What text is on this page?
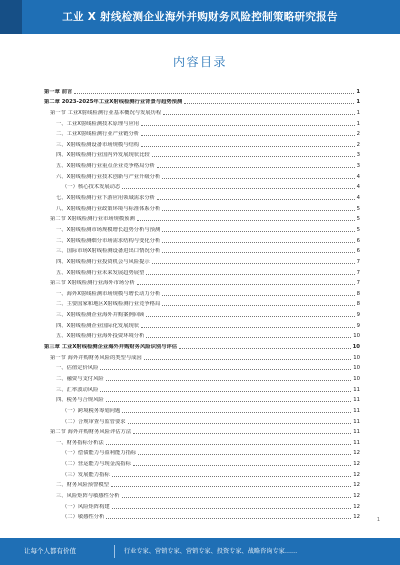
工业 X 射线检测企业海外并购财务风险控制策略研究报告
内容目录
第一章 前言	1
第二章 2023-2025年工业X射线检测行业背景与趋势预测	1
第一节 工业X射线检测行业基本概况与发展历程	1
一、工业X射线检测技术原理与应用	1
二、工业X射线检测行业产业链分析	2
三、X射线检测设备市场规模与结构	2
四、X射线检测行业国内外发展现状比较	3
五、X射线检测行业重点企业竞争格局分析	3
六、X射线检测行业技术创新与产业升级分析	4
（一）核心技术发展动态	4
七、X射线检测行业下游应用领域需求分析	4
八、X射线检测行业政策环境与标准体系分析	5
第二节 X射线检测行业市场规模预测	5
一、X射线检测市场规模增长趋势分析与预测	5
二、X射线检测细分市场需求结构与变化分析	6
三、国际市场X射线检测设备进出口情况分析	6
四、X射线检测行业投资机会与风险提示	7
五、X射线检测行业未来发展趋势展望	7
第三节 X射线检测行业海外市场分析	7
一、海外X射线检测市场规模与增长动力分析	8
二、主要国家和地区X射线检测行业竞争格局	8
三、X射线检测企业海外并购案例回顾	9
四、X射线检测企业国际化发展现状	9
五、X射线检测行业海外投资环境分析	10
第三章 工业X射线检测企业海外并购财务风险识别与评估	10
第一节 海外并购财务风险的类型与成因	10
一、估值定价风险	10
二、融资与支付风险	10
三、汇率波动风险	11
四、税务与合规风险	11
（一）跨境税务筹划问题	11
（二）合规审查与监管要求	11
第二节 海外并购财务风险评估方法	11
一、财务指标分析法	11
（一）偿债能力与盈利能力指标	12
（二）营运能力与现金流指标	12
（三）发展能力指标	12
二、财务风险预警模型	12
三、风险矩阵与敏感性分析	12
（一）风险矩阵构建	12
（二）敏感性分析	12	1
让每个人都有价值	行业专家、营销专家、营销专家、投资专家、战略咨询专家……
